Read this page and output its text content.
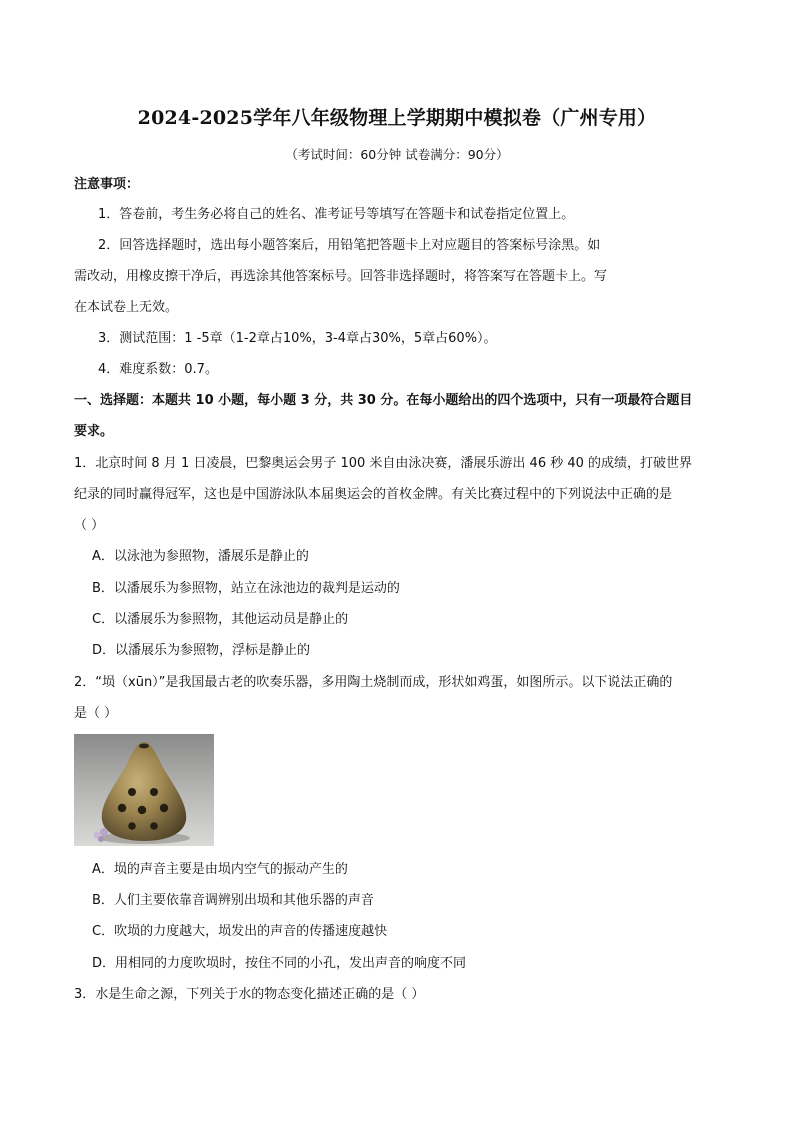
2024-2025学年八年级物理上学期期中模拟卷（广州专用）
（考试时间：60分钟 试卷满分：90分）
注意事项：
1．答卷前，考生务必将自己的姓名、准考证号等填写在答题卡和试卷指定位置上。
2．回答选择题时，选出每小题答案后，用铅笔把答题卡上对应题目的答案标号涂黑。如
需改动，用橡皮擦干净后，再选涂其他答案标号。回答非选择题时，将答案写在答题卡上。写
在本试卷上无效。
3．测试范围：1 -5章（1-2章占10%，3-4章占30%，5章占60%）。
4．难度系数：0.7。
一、选择题：本题共 10 小题，每小题 3 分，共 30 分。在每小题给出的四个选项中，只有一项最符合题目
要求。
1．北京时间 8 月 1 日凌晨，巴黎奥运会男子 100 米自由泳决赛，潘展乐游出 46 秒 40 的成绩，打破世界
纪录的同时赢得冠军，这也是中国游泳队本届奥运会的首枚金牌。有关比赛过程中的下列说法中正确的是
（ ）
A．以泳池为参照物，潘展乐是静止的
B．以潘展乐为参照物，站立在泳池边的裁判是运动的
C．以潘展乐为参照物，其他运动员是静止的
D．以潘展乐为参照物，浮标是静止的
2．“埙（xūn）”是我国最古老的吹奏乐器，多用陶土烧制而成，形状如鸡蛋，如图所示。以下说法正确的
是（ ）
A．埙的声音主要是由埙内空气的振动产生的
B．人们主要依靠音调辨别出埙和其他乐器的声音
C．吹埙的力度越大，埙发出的声音的传播速度越快
D．用相同的力度吹埙时，按住不同的小孔，发出声音的响度不同
3．水是生命之源，下列关于水的物态变化描述正确的是（ ）
